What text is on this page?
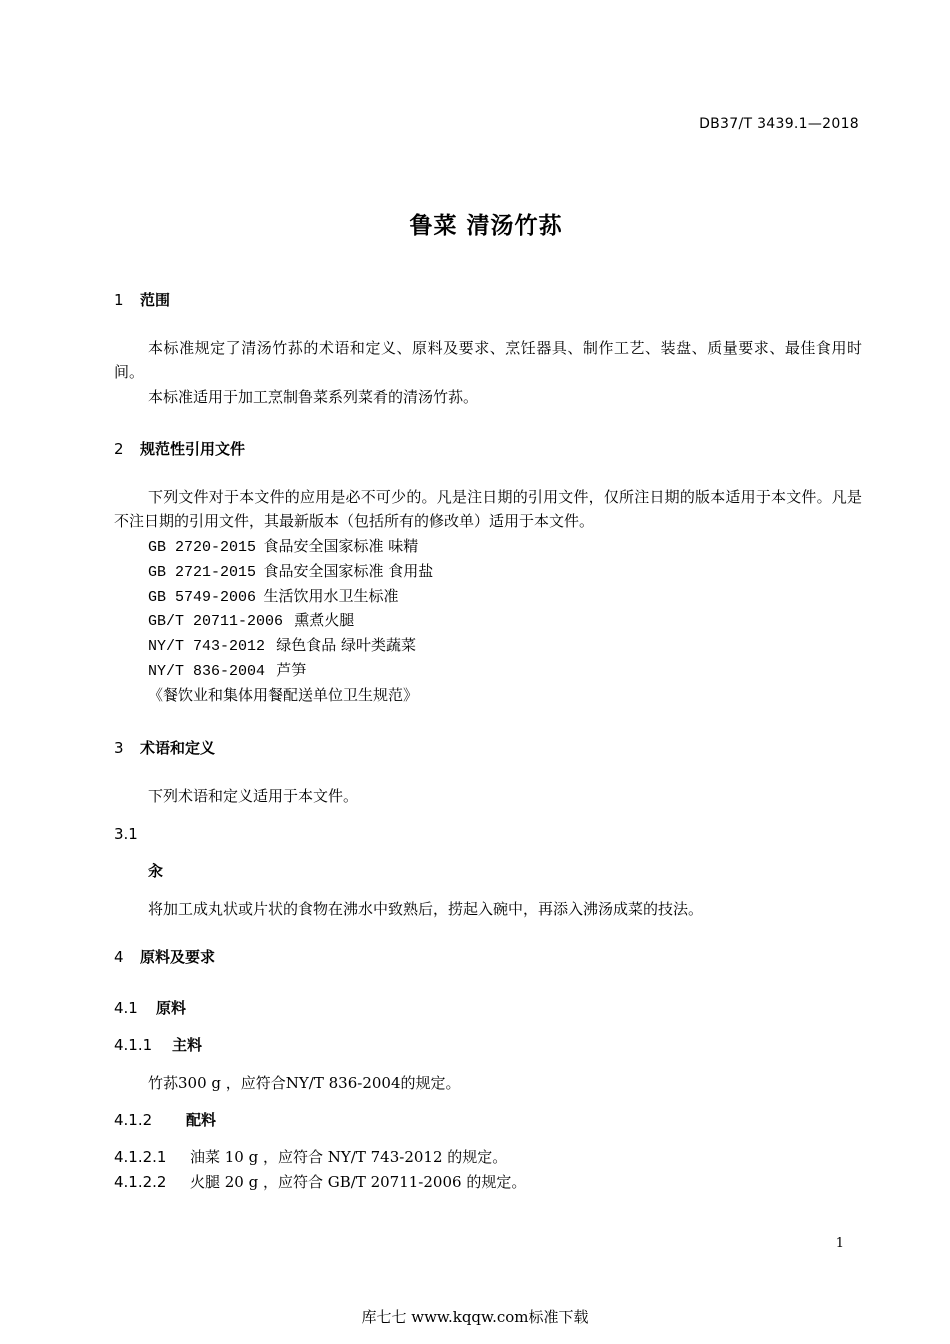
DB37/T 3439.1—2018
鲁菜 清汤竹荪
1 范围
本标准规定了清汤竹荪的术语和定义、原料及要求、烹饪器具、制作工艺、装盘、质量要求、最佳食用时间。
本标准适用于加工烹制鲁菜系列菜肴的清汤竹荪。
2 规范性引用文件
下列文件对于本文件的应用是必不可少的。凡是注日期的引用文件，仅所注日期的版本适用于本文件。凡是不注日期的引用文件，其最新版本（包括所有的修改单）适用于本文件。
GB 2720-2015 食品安全国家标准 味精
GB 2721-2015 食品安全国家标准 食用盐
GB 5749-2006 生活饮用水卫生标准
GB/T 20711-2006 熏煮火腿
NY/T 743-2012 绿色食品 绿叶类蔬菜
NY/T 836-2004 芦笋
《餐饮业和集体用餐配送单位卫生规范》
3 术语和定义
下列术语和定义适用于本文件。
3.1
汆
将加工成丸状或片状的食物在沸水中致熟后，捞起入碗中，再添入沸汤成菜的技法。
4 原料及要求
4.1 原料
4.1.1 主料
竹荪300 g ，应符合NY/T 836-2004的规定。
4.1.2 配料
4.1.2.1 油菜 10 g ，应符合 NY/T 743-2012 的规定。
4.1.2.2 火腿 20 g ，应符合 GB/T 20711-2006 的规定。
1
库七七 www.kqqw.com标准下载
